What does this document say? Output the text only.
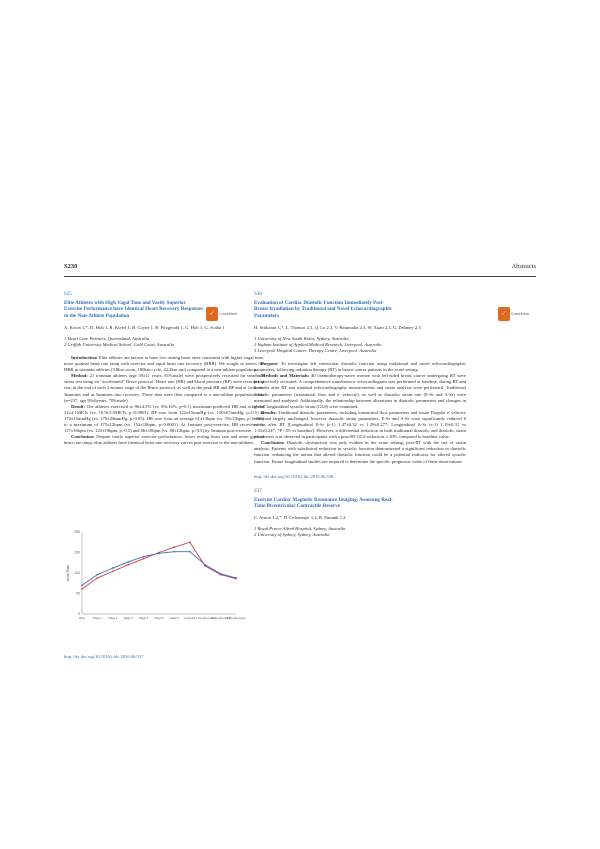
S230	Abstracts
✓	CrossMark	✓	CrossMark
S35
Elite Athletes with High Vagal Tone and Vastly Superior Exercise Performance have Identical Heart Recovery Responses to the Non-Athlete Population
A. Kwon 1,*, D. Holt 1, R. Kiefel 1, B. Coyne 1, B. Fitzgerald 1, G. Holt 1, G. Scalia 1

1 Heart Care Partners, Queensland, Australia

2 Griffith University Medical School, Gold Coast, Australia

Introduction: Elite athletes are known to have low resting heart rates consistent with higher vagal tone, more gradual heart rate ramp with exercise and rapid heart rate recovery (HRR). We sought to assess the HRR in ironman athletes (3.8km swim, 180km cycle, 42.2km run) compared to a non-athlete population.

Method: 21 ironman athletes (age 39±11 years; 81%male) were prospectively recruited for treadmill stress test using an "accelerated" Bruce protocol. Heart rate (HR) and blood pressure (BP) were recorded at rest, at the end of each 2-minute stage of the Bruce protocol, as well as the peak HR and BP and at 1minute, 3minutes and at 5minutes into recovery. These data were then compared to a non-athlete population data (n=237, age 58±6years; 70%male).

Result: The athletes exercised to 96±4.5% (vs. 95±16%, p=0.1) maximum predicted HR and achieved 21±2.1METs (vs. 10.9±5.9METs, p<0.0001). BP rose from 122±15mmHg (vs. 130±67mmHg, p>0.5) to 172±15mmHg (vs. 179±28mmHg, p>0.05). HR rose from an average 61±13bpm (vs. 70±13bpm, p<0.005) to a maximum of 175±12bpm (vs. 152±19bpm, p<0.0001). At 1minute post-exercise, HR recovered to 117±16bpm (vs. 120±18bpm, p>0.5) and 86±10bpm (vs. 88±12bpm, p>0.5) by 5minute post-exercise.

Conclusion: Despite vastly superior exercise performance, lower resting heart rate and more gradual heart rate ramp, elite athletes have identical heart rate recovery curves post-exercise to the non-athletes.

0
50
100
150
200
Heart Rate
Rest	Stage 1 Stage 2 Stage 3 Stage 4 Stage 5 Stage 6 Peak HR 1 Min Recovery
3 Min Recovery
5 Min Recovery
http://dx.doi.org/10.1016/j.hlc.2016.06.537
S36
Evaluation of Cardiac Diastolic Function Immediately Post-Breast Irradiation by Traditional and Novel Echocardiographic Parameters
H. Sritharan 1,*, L. Thomas 2,3, Q. Lo 2,3, V. Batumalai 2,3, W. Xuan 2,3, G. Delaney 2,3

1 University of New South Wales, Sydney, Australia

2 Ingham Institute of Applied Medical Research, Liverpool, Australia

3 Liverpool Hospital Cancer Therapy Centre, Liverpool, Australia

Purpose: To investigate left ventricular diastolic function using traditional and novel echocardiographic parameters, following radiation therapy (RT) in breast cancer patients in the acute setting.

Methods and Materials: 40 chemotherapy-naïve women with left-sided breast cancer undergoing RT were prospectively recruited. A comprehensive transthoracic echocardiogram was performed at baseline, during RT and 6 weeks after RT and standard echocardiography measurements and strain analysis were performed. Traditional diastolic parameters (transmitral flow and e' velocity), as well as diastolic strain rate (E-Sr and A-Sr) were measured and analysed. Additionally, the relationship between alterations in diastolic parameters and changes in global longitudinal systolic strain (GLS) were examined.

Results: Traditional diastolic parameters, including transmitral flow parameters and tissue Doppler e' velocity remained largely unchanged, however diastolic strain parameters, E-Sr and A-Sr were significantly reduced 6 weeks after RT [Longitudinal E-Sr (s-1) 1.47±0.32 vs 1.29±0.27*; Longitudinal A-Sr (s-1) 1.19±0.31 vs 1.03±0.24*; *P<.05 vs baseline]. However, a differential reduction in both traditional diastolic and diastolic strain parameters was observed in participants with a post-RT GLS reduction ≥ 10% compared to baseline value.

Conclusion: Diastolic dysfunction was only evident in the acute setting, post-RT with the use of strain analysis. Patients with subclinical reduction in systolic function demonstrated a significant reduction in diastolic function, enhancing the notion that altered diastolic function could be a potential indicator for altered systolic function. Future longitudinal studies are required to determine the specific prognostic value of these observations.

http://dx.doi.org/10.1016/j.hlc.2016.06.538
S37
Exercise Cardiac Magnetic Resonance Imaging: Assessing Real-Time Biventricular Contractile Reserve
C. Arnott 1,2,*, D. Celermajer 1,2, R. Puranik 1,2

1 Royal Prince Alfred Hospital, Sydney, Australia

2 University of Sydney, Sydney, Australia
